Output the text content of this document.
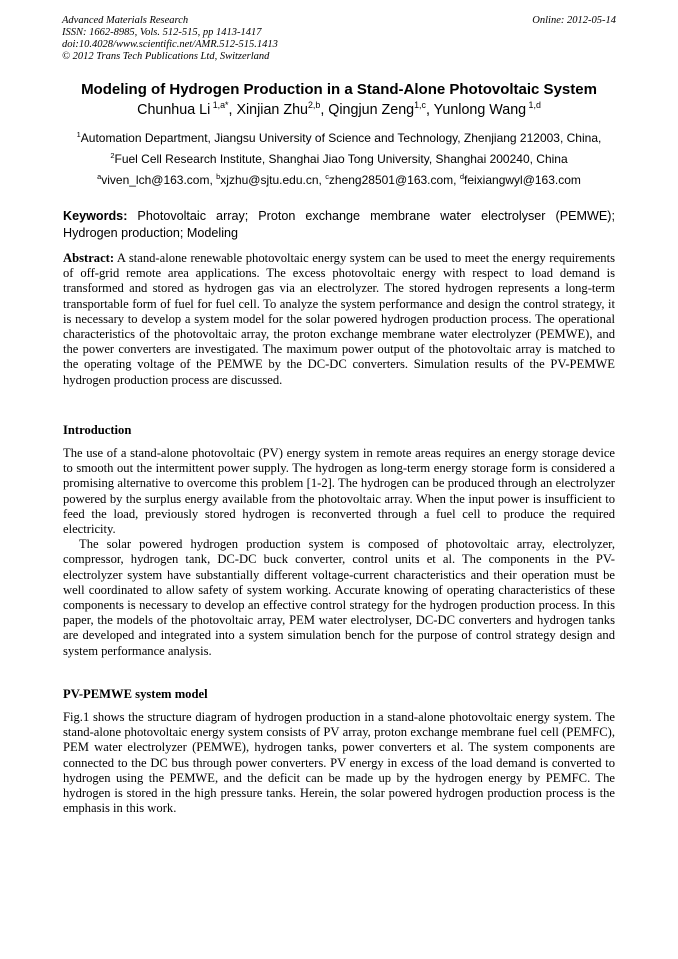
Advanced Materials Research
ISSN: 1662-8985, Vols. 512-515, pp 1413-1417
doi:10.4028/www.scientific.net/AMR.512-515.1413
© 2012 Trans Tech Publications Ltd, Switzerland
Online: 2012-05-14
Modeling of Hydrogen Production in a Stand-Alone Photovoltaic System
Chunhua Li $^{1,a*}$, Xinjian Zhu$^{2,b}$, Qingjun Zeng$^{1,c}$, Yunlong Wang $^{1,d}$
$^1$Automation Department, Jiangsu University of Science and Technology, Zhenjiang 212003, China,
$^2$Fuel Cell Research Institute, Shanghai Jiao Tong University, Shanghai 200240, China
$^a$viven_lch@163.com, $^b$xjzhu@sjtu.edu.cn, $^c$zheng28501@163.com, $^d$feixiangwyl@163.com
Keywords: Photovoltaic array; Proton exchange membrane water electrolyser (PEMWE); Hydrogen production; Modeling
Abstract: A stand-alone renewable photovoltaic energy system can be used to meet the energy requirements of off-grid remote area applications. The excess photovoltaic energy with respect to load demand is transformed and stored as hydrogen gas via an electrolyzer. The stored hydrogen represents a long-term transportable form of fuel for fuel cell. To analyze the system performance and design the control strategy, it is necessary to develop a system model for the solar powered hydrogen production process. The operational characteristics of the photovoltaic array, the proton exchange membrane water electrolyzer (PEMWE), and the power converters are investigated. The maximum power output of the photovoltaic array is matched to the operating voltage of the PEMWE by the DC-DC converters. Simulation results of the PV-PEMWE hydrogen production process are discussed.
Introduction
The use of a stand-alone photovoltaic (PV) energy system in remote areas requires an energy storage device to smooth out the intermittent power supply. The hydrogen as long-term energy storage form is considered a promising alternative to overcome this problem [1-2]. The hydrogen can be produced through an electrolyzer powered by the surplus energy available from the photovoltaic array. When the input power is insufficient to feed the load, previously stored hydrogen is reconverted through a fuel cell to produce the required electricity.
The solar powered hydrogen production system is composed of photovoltaic array, electrolyzer, compressor, hydrogen tank, DC-DC buck converter, control units et al. The components in the PV-electrolyzer system have substantially different voltage-current characteristics and their operation must be well coordinated to allow safety of system working. Accurate knowing of operating characteristics of these components is necessary to develop an effective control strategy for the hydrogen production process. In this paper, the models of the photovoltaic array, PEM water electrolyser, DC-DC converters and hydrogen tanks are developed and integrated into a system simulation bench for the purpose of control strategy design and system performance analysis.
PV-PEMWE system model
Fig.1 shows the structure diagram of hydrogen production in a stand-alone photovoltaic energy system. The stand-alone photovoltaic energy system consists of PV array, proton exchange membrane fuel cell (PEMFC), PEM water electrolyzer (PEMWE), hydrogen tanks, power converters et al. The system components are connected to the DC bus through power converters. PV energy in excess of the load demand is converted to hydrogen using the PEMWE, and the deficit can be made up by the hydrogen energy by PEMFC. The hydrogen is stored in the high pressure tanks. Herein, the solar powered hydrogen production process is the emphasis in this work.
